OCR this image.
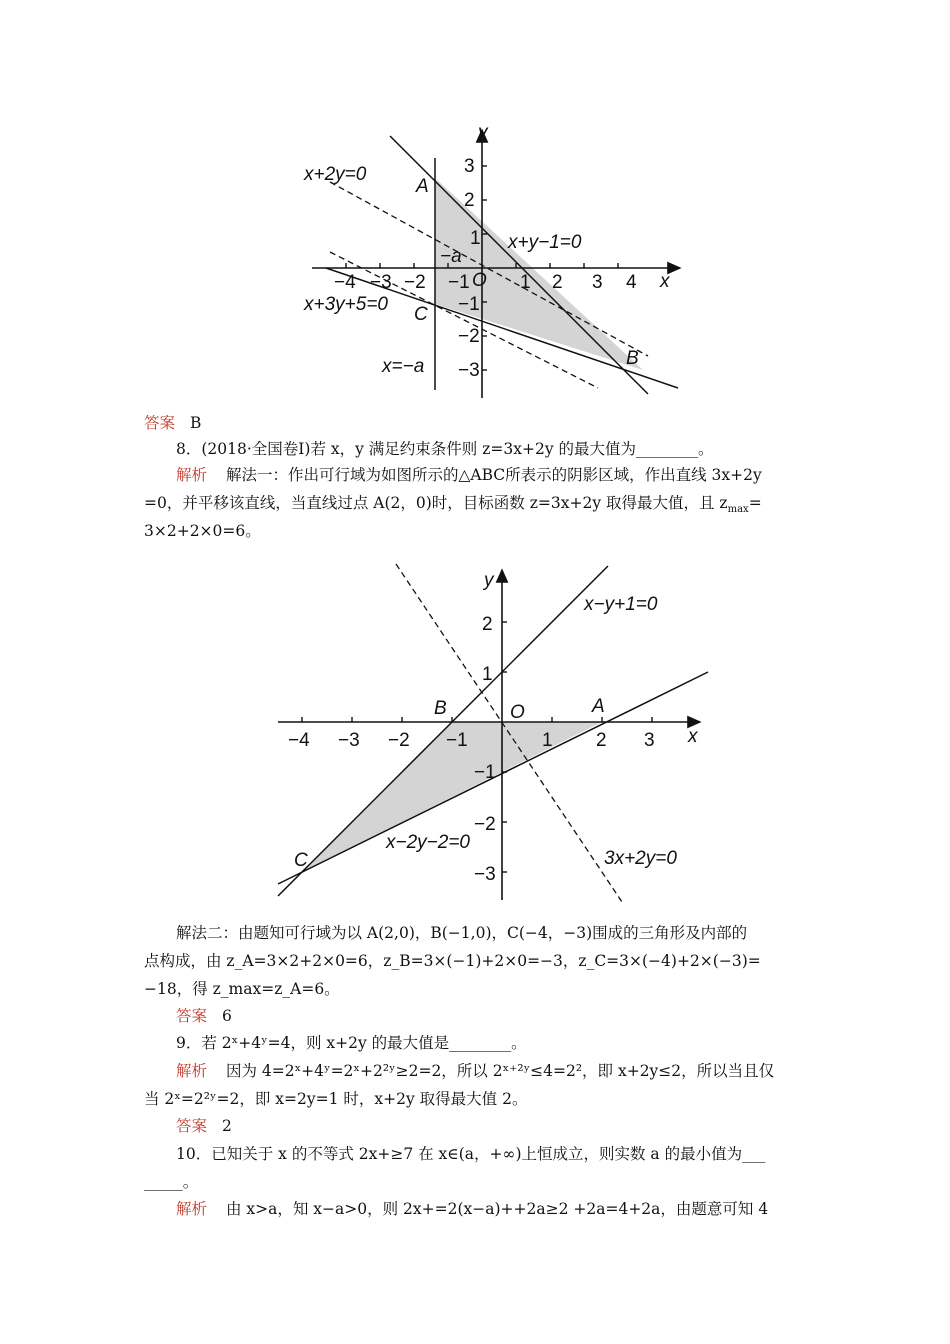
y
x
O
A
B
C
x+2y=0
x+y−1=0
x+3y+5=0
x=−a
−a
−4 −3 −2 −1	1 2 3 4
3
2
1
−1
−2
−3
答案 B
8．(2018·全国卷Ⅰ)若 x，y 满足约束条件则 z=3x+2y 的最大值为________。
解析 解法一：作出可行域为如图所示的△ABC所表示的阴影区域，作出直线 3x+2y
=0，并平移该直线，当直线过点 A(2，0)时，目标函数 z=3x+2y 取得最大值，且 $z_{max}=$
3×2+2×0=6。
y
x
O	A
B
C
x−y+1=0
x−2y−2=0
3x+2y=0
−4 −3 −2 −1	1 2 3
2
1
−1
−2
−3
解法二：由题知可行域为以 A(2,0)，B(−1,0)，C(−4，−3)围成的三角形及内部的
点构成，由 z_A=3×2+2×0=6，z_B=3×(−1)+2×0=−3，z_C=3×(−4)+2×(−3)=
−18，得 z_max=z_A=6。
答案 6
9．若 2ˣ+4ʸ=4，则 x+2y 的最大值是________。
解析 因为 4=2ˣ+4ʸ=2ˣ+2²ʸ≥2=2，所以 2ˣ⁺²ʸ≤4=2²，即 x+2y≤2，所以当且仅
当 2ˣ=2²ʸ=2，即 x=2y=1 时，x+2y 取得最大值 2。
答案 2
10．已知关于 x 的不等式 2x+≥7 在 x∈(a，+∞)上恒成立，则实数 a 的最小值为___
_____。
解析 由 x>a，知 x−a>0，则 2x+=2(x−a)++2a≥2 +2a=4+2a，由题意可知 4
